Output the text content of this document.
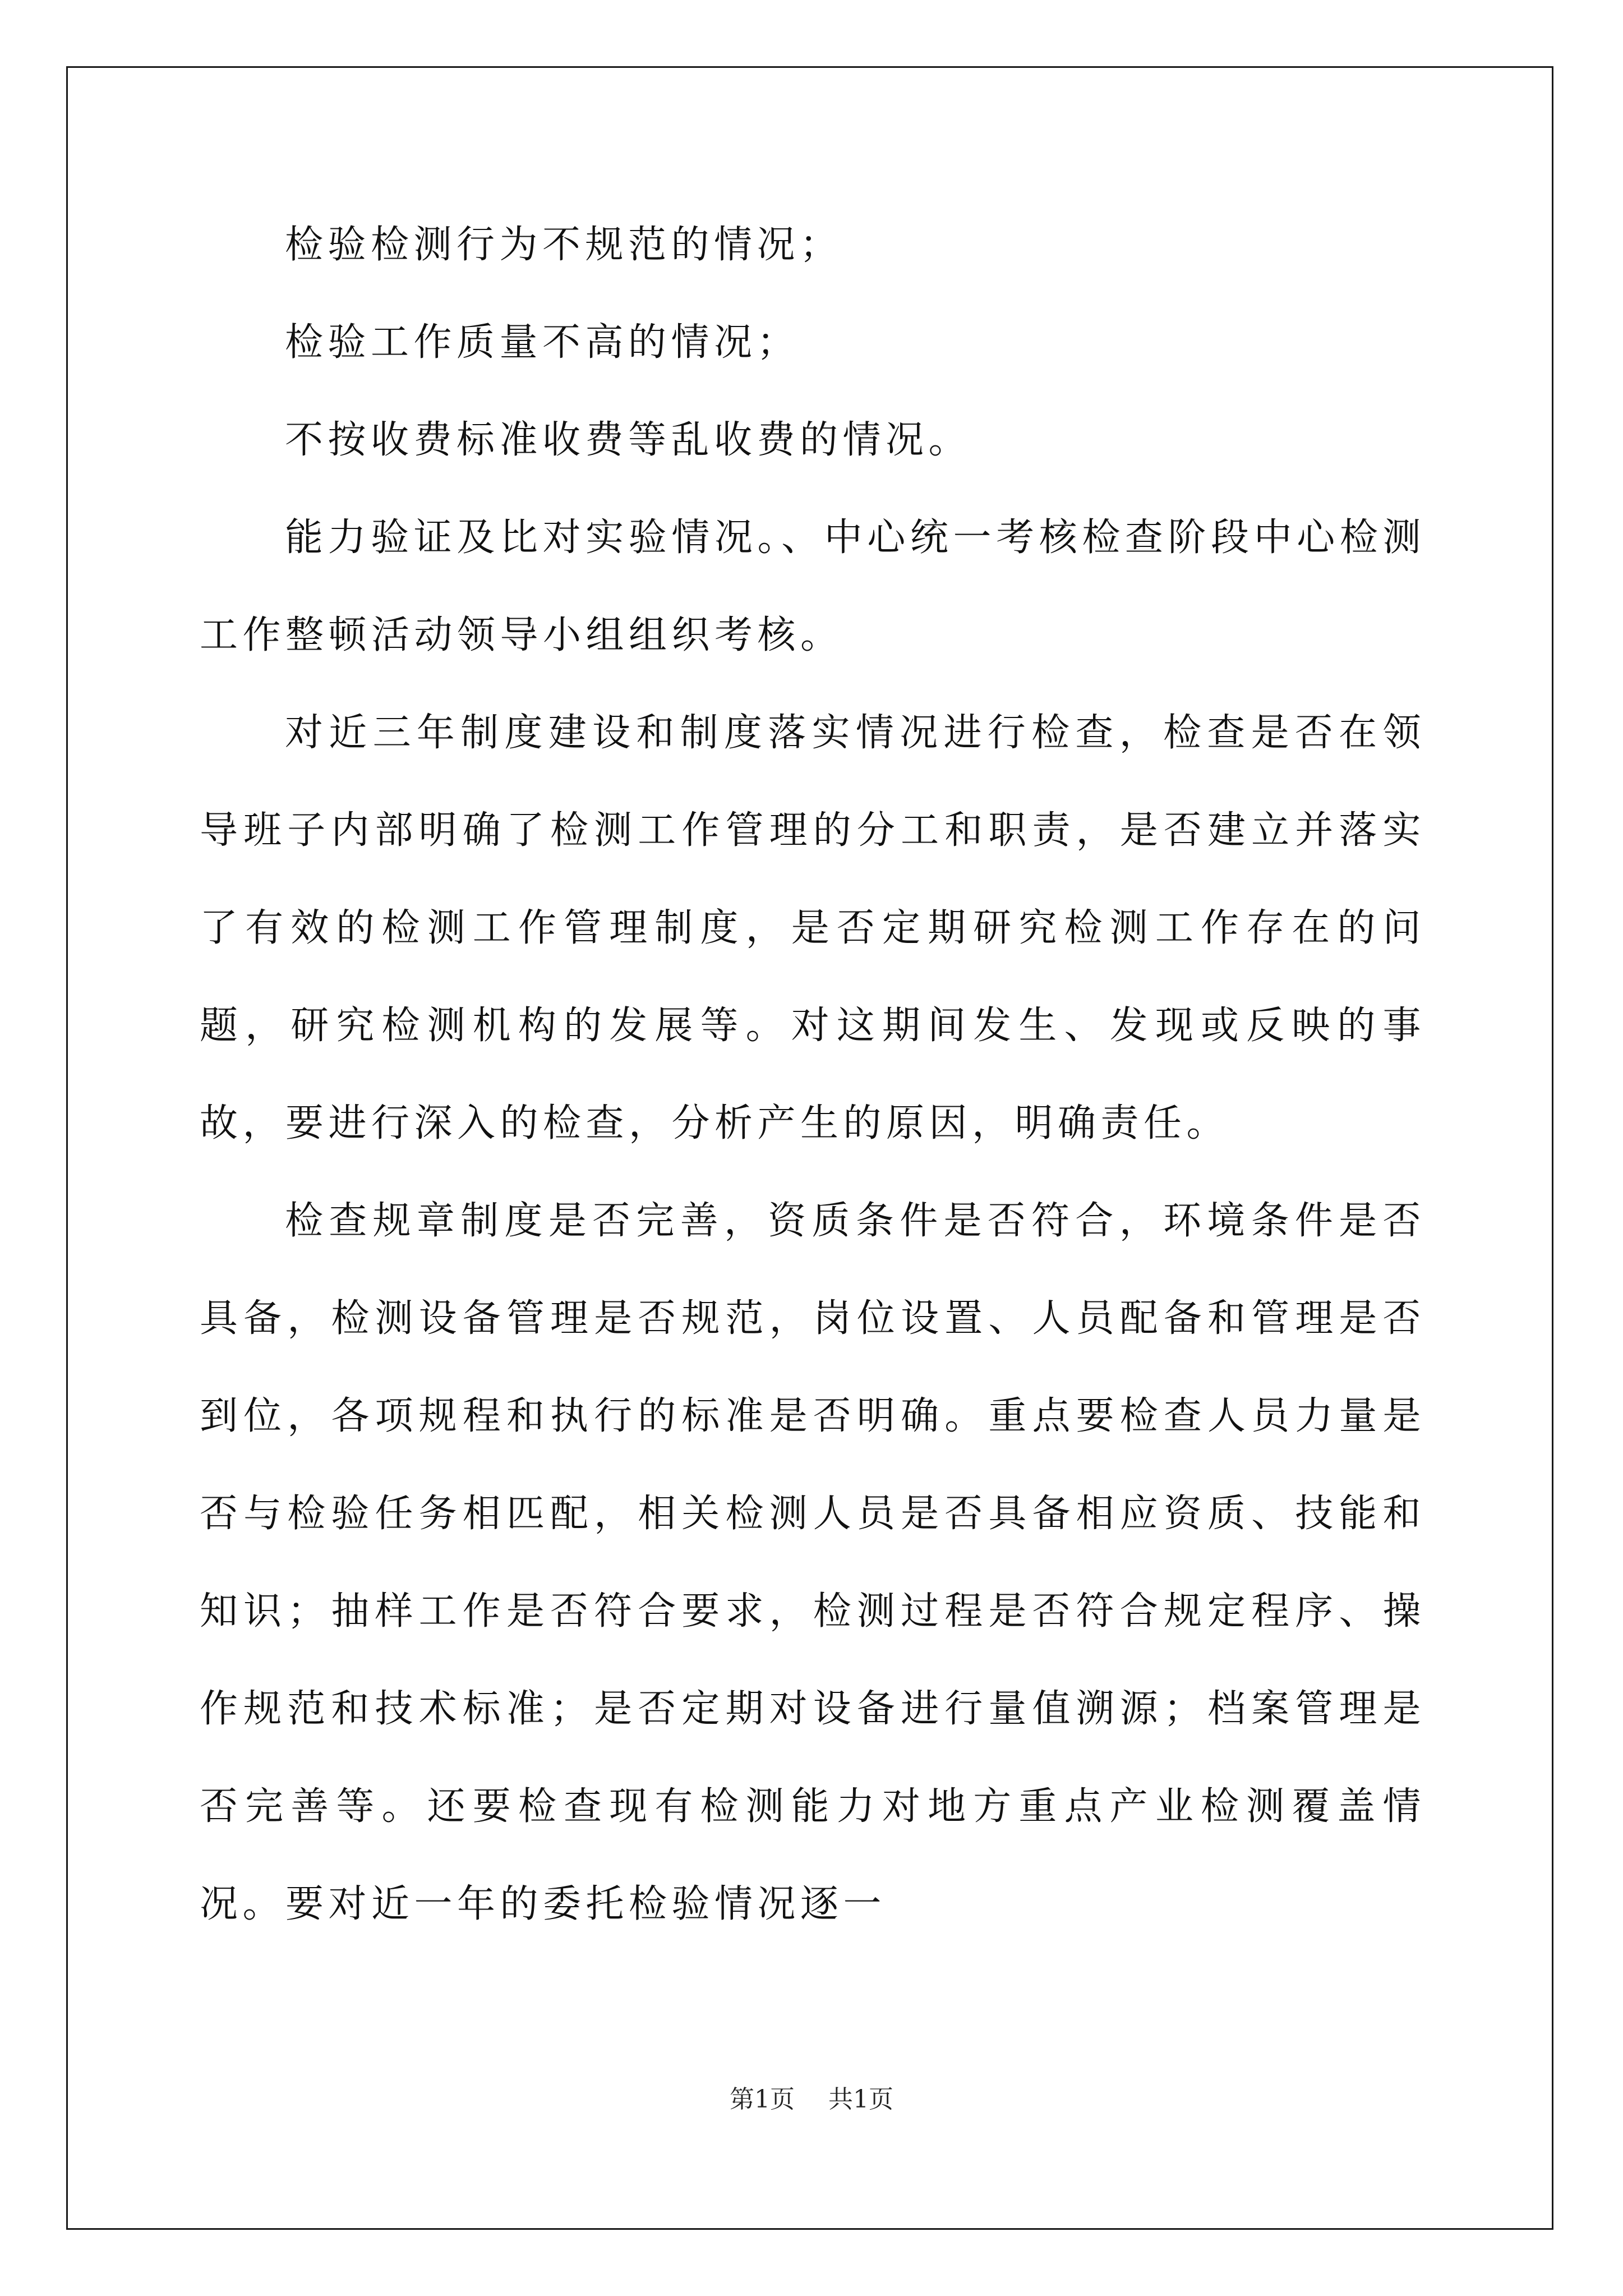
检验检测行为不规范的情况；

检验工作质量不高的情况；

不按收费标准收费等乱收费的情况。

能力验证及比对实验情况。、中心统一考核检查阶段中心检测工作整顿活动领导小组组织考核。

对近三年制度建设和制度落实情况进行检查，检查是否在领导班子内部明确了检测工作管理的分工和职责，是否建立并落实了有效的检测工作管理制度，是否定期研究检测工作存在的问题，研究检测机构的发展等。对这期间发生、发现或反映的事故，要进行深入的检查，分析产生的原因，明确责任。

检查规章制度是否完善，资质条件是否符合，环境条件是否具备，检测设备管理是否规范，岗位设置、人员配备和管理是否到位，各项规程和执行的标准是否明确。重点要检查人员力量是否与检验任务相匹配，相关检测人员是否具备相应资质、技能和知识；抽样工作是否符合要求，检测过程是否符合规定程序、操作规范和技术标准；是否定期对设备进行量值溯源；档案管理是否完善等。还要检查现有检测能力对地方重点产业检测覆盖情况。要对近一年的委托检验情况逐一

第1页 共1页
